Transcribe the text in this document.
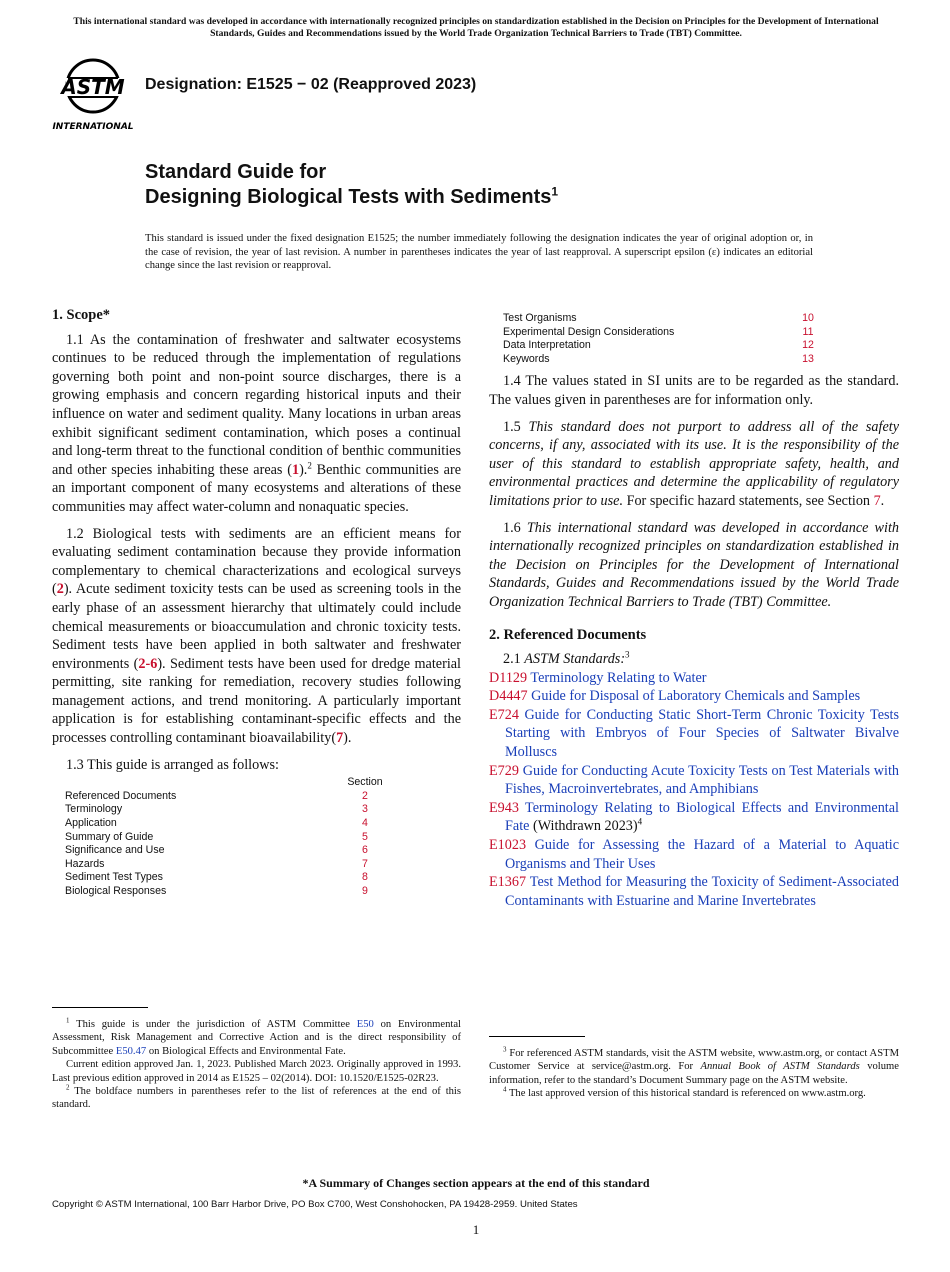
This international standard was developed in accordance with internationally recognized principles on standardization established in the Decision on Principles for the Development of International Standards, Guides and Recommendations issued by the World Trade Organization Technical Barriers to Trade (TBT) Committee.
ASTM
INTERNATIONAL
Designation: E1525 − 02 (Reapproved 2023)
Standard Guide for
Designing Biological Tests with Sediments$^1$
This standard is issued under the fixed designation E1525; the number immediately following the designation indicates the year of original adoption or, in the case of revision, the year of last revision. A number in parentheses indicates the year of last reapproval. A superscript epsilon (ε) indicates an editorial change since the last revision or reapproval.
1. Scope*

1.1 As the contamination of freshwater and saltwater ecosystems continues to be reduced through the implementation of regulations governing both point and non-point source discharges, there is a growing emphasis and concern regarding historical inputs and their influence on water and sediment quality. Many locations in urban areas exhibit significant sediment contamination, which poses a continual and long-term threat to the functional condition of benthic communities and other species inhabiting these areas (1).$^2$ Benthic communities are an important component of many ecosystems and alterations of these communities may affect water-column and nonaquatic species.

1.2 Biological tests with sediments are an efficient means for evaluating sediment contamination because they provide information complementary to chemical characterizations and ecological surveys (2). Acute sediment toxicity tests can be used as screening tools in the early phase of an assessment hierarchy that ultimately could include chemical measurements or bioaccumulation and chronic toxicity tests. Sediment tests have been applied in both saltwater and freshwater environments (2-6). Sediment tests have been used for dredge material permitting, site ranking for remediation, recovery studies following management actions, and trend monitoring. A particularly important application is for establishing contaminant-specific effects and the processes controlling contaminant bioavailability(7).

1.3 This guide is arranged as follows:

	Section
Referenced Documents	2
Terminology	3
Application	4
Summary of Guide	5
Significance and Use	6
Hazards	7
Sediment Test Types	8
Biological Responses	9

$^1$ This guide is under the jurisdiction of ASTM Committee E50 on Environmental Assessment, Risk Management and Corrective Action and is the direct responsibility of Subcommittee E50.47 on Biological Effects and Environmental Fate.

Current edition approved Jan. 1, 2023. Published March 2023. Originally approved in 1993. Last previous edition approved in 2014 as E1525 – 02(2014). DOI: 10.1520/E1525-02R23.

$^2$ The boldface numbers in parentheses refer to the list of references at the end of this standard.

Test Organisms	10
Experimental Design Considerations	11
Data Interpretation	12
Keywords	13

1.4 The values stated in SI units are to be regarded as the standard. The values given in parentheses are for information only.

1.5 This standard does not purport to address all of the safety concerns, if any, associated with its use. It is the responsibility of the user of this standard to establish appropriate safety, health, and environmental practices and determine the applicability of regulatory limitations prior to use. For specific hazard statements, see Section 7.

1.6 This international standard was developed in accordance with internationally recognized principles on standardization established in the Decision on Principles for the Development of International Standards, Guides and Recommendations issued by the World Trade Organization Technical Barriers to Trade (TBT) Committee.

2. Referenced Documents

2.1 ASTM Standards:$^3$

D1129 Terminology Relating to Water

D4447 Guide for Disposal of Laboratory Chemicals and Samples

E724 Guide for Conducting Static Short-Term Chronic Toxicity Tests Starting with Embryos of Four Species of Saltwater Bivalve Molluscs

E729 Guide for Conducting Acute Toxicity Tests on Test Materials with Fishes, Macroinvertebrates, and Amphibians

E943 Terminology Relating to Biological Effects and Environmental Fate (Withdrawn 2023)$^4$

E1023 Guide for Assessing the Hazard of a Material to Aquatic Organisms and Their Uses

E1367 Test Method for Measuring the Toxicity of Sediment-Associated Contaminants with Estuarine and Marine Invertebrates

$^3$ For referenced ASTM standards, visit the ASTM website, www.astm.org, or contact ASTM Customer Service at service@astm.org. For Annual Book of ASTM Standards volume information, refer to the standard’s Document Summary page on the ASTM website.

$^4$ The last approved version of this historical standard is referenced on www.astm.org.

*A Summary of Changes section appears at the end of this standard
Copyright © ASTM International, 100 Barr Harbor Drive, PO Box C700, West Conshohocken, PA 19428-2959. United States
1
